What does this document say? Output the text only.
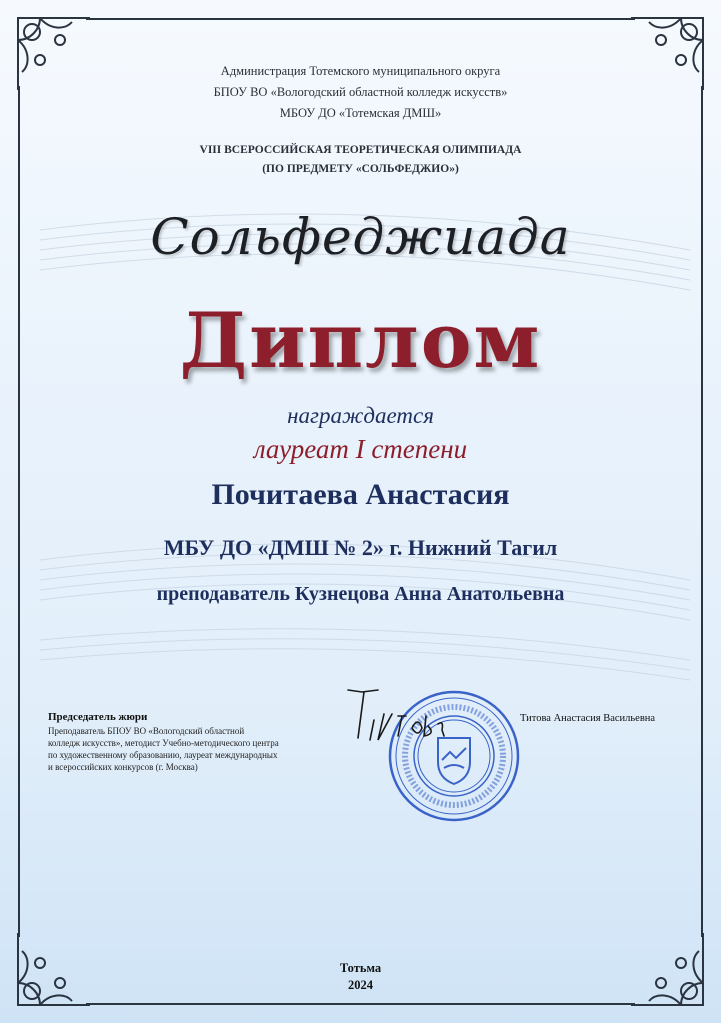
Администрация Тотемского муниципального округа
БПОУ ВО «Вологодский областной колледж искусств»
МБОУ ДО «Тотемская ДМШ»
VIII ВСЕРОССИЙСКАЯ ТЕОРЕТИЧЕСКАЯ ОЛИМПИАДА
(ПО ПРЕДМЕТУ «СОЛЬФЕДЖИО»)
Сольфеджиада
Диплом
награждается
лауреат I степени
Почитаева Анастасия
МБУ ДО «ДМШ № 2» г. Нижний Тагил
преподаватель Кузнецова Анна Анатольевна
Председатель жюри
Преподаватель БПОУ ВО «Вологодский областной
колледж искусств», методист Учебно-методического центра
по художественному образованию, лауреат международных
и всероссийских конкурсов (г. Москва)
Титова Анастасия Васильевна
Тотьма
2024
